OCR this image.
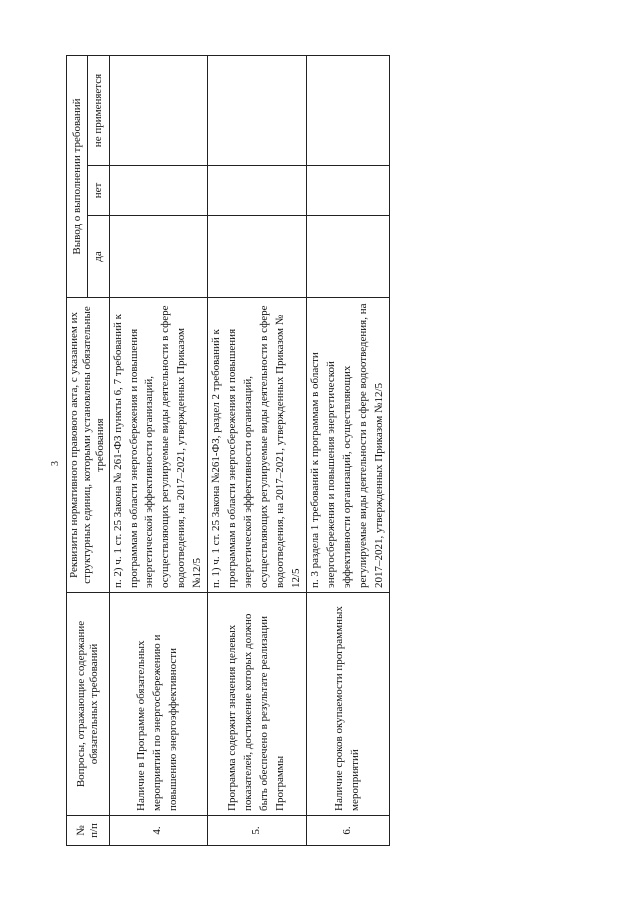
3
№ п/п	Вопросы, отражающие содержание обязательных требований	Реквизиты нормативного правового акта, с указанием их структурных единиц, которыми установлены обязательные требования	Вывод о выполнении требований		
			да	нет	не применяется
4.	Наличие в Программе обязательных мероприятий по энергосбережению и повышению энергоэффективности	п. 2) ч. 1 ст. 25 Закона № 261-ФЗ пункты 6, 7 требований к программам в области энергосбережения и повышения энергетической эффективности организаций, осуществляющих регулируемые виды деятельности в сфере водоотведения, на 2017–2021, утвержденных Приказом №12/5			
5.	Программа содержит значения целевых показателей, достижение которых должно быть обеспечено в результате реализации Программы	п. 1) ч. 1 ст. 25 Закона №261-ФЗ, раздел 2 требований к программам в области энергосбережения и повышения энергетической эффективности организаций, осуществляющих регулируемые виды деятельности в сфере водоотведения, на 2017–2021, утвержденных Приказом № 12/5			
6.	Наличие сроков окупаемости программных мероприятий	п. 3 раздела 1 требований к программам в области энергосбережения и повышения энергетической эффективности организаций, осуществляющих регулируемые виды деятельности в сфере водоотведения, на 2017–2021, утвержденных Приказом №12/5			
